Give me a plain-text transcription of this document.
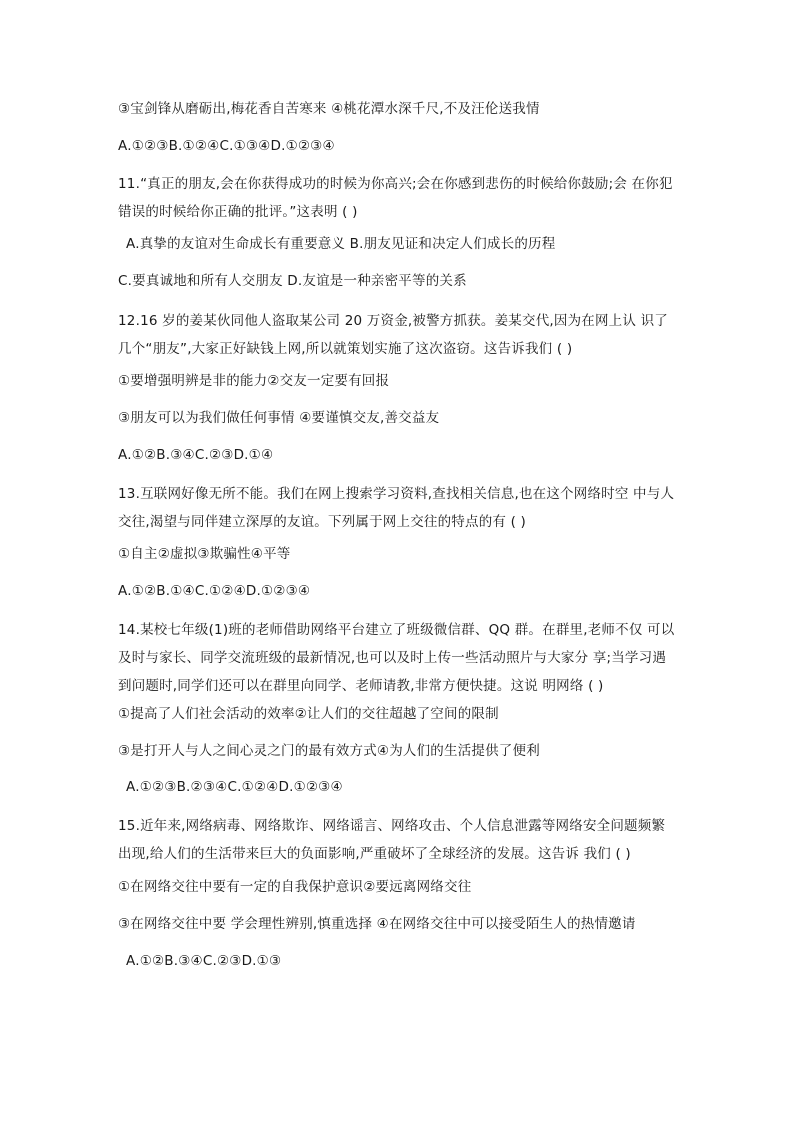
③宝剑锋从磨砺出,梅花香自苦寒来 ④桃花潭水深千尺,不及汪伦送我情
A.①②③B.①②④C.①③④D.①②③④
11.“真正的朋友,会在你获得成功的时候为你高兴;会在你感到悲伤的时候给你鼓励;会 在你犯错误的时候给你正确的批评。”这表明 ( )
A.真挚的友谊对生命成长有重要意义 B.朋友见证和决定人们成长的历程
C.要真诚地和所有人交朋友 D.友谊是一种亲密平等的关系
12.16 岁的姜某伙同他人盗取某公司 20 万资金,被警方抓获。姜某交代,因为在网上认 识了几个“朋友”,大家正好缺钱上网,所以就策划实施了这次盗窃。这告诉我们 ( )
①要增强明辨是非的能力②交友一定要有回报
③朋友可以为我们做任何事情 ④要谨慎交友,善交益友
A.①②B.③④C.②③D.①④
13.互联网好像无所不能。我们在网上搜索学习资料,查找相关信息,也在这个网络时空 中与人交往,渴望与同伴建立深厚的友谊。下列属于网上交往的特点的有 ( )
①自主②虚拟③欺骗性④平等
A.①②B.①④C.①②④D.①②③④
14.某校七年级(1)班的老师借助网络平台建立了班级微信群、QQ 群。在群里,老师不仅 可以及时与家长、同学交流班级的最新情况,也可以及时上传一些活动照片与大家分 享;当学习遇到问题时,同学们还可以在群里向同学、老师请教,非常方便快捷。这说 明网络 ( )
①提高了人们社会活动的效率②让人们的交往超越了空间的限制
③是打开人与人之间心灵之门的最有效方式④为人们的生活提供了便利
A.①②③B.②③④C.①②④D.①②③④
15.近年来,网络病毒、网络欺诈、网络谣言、网络攻击、个人信息泄露等网络安全问题频繁出现,给人们的生活带来巨大的负面影响,严重破坏了全球经济的发展。这告诉 我们 ( )
①在网络交往中要有一定的自我保护意识②要远离网络交往
③在网络交往中要 学会理性辨别,慎重选择 ④在网络交往中可以接受陌生人的热情邀请
A.①②B.③④C.②③D.①③
